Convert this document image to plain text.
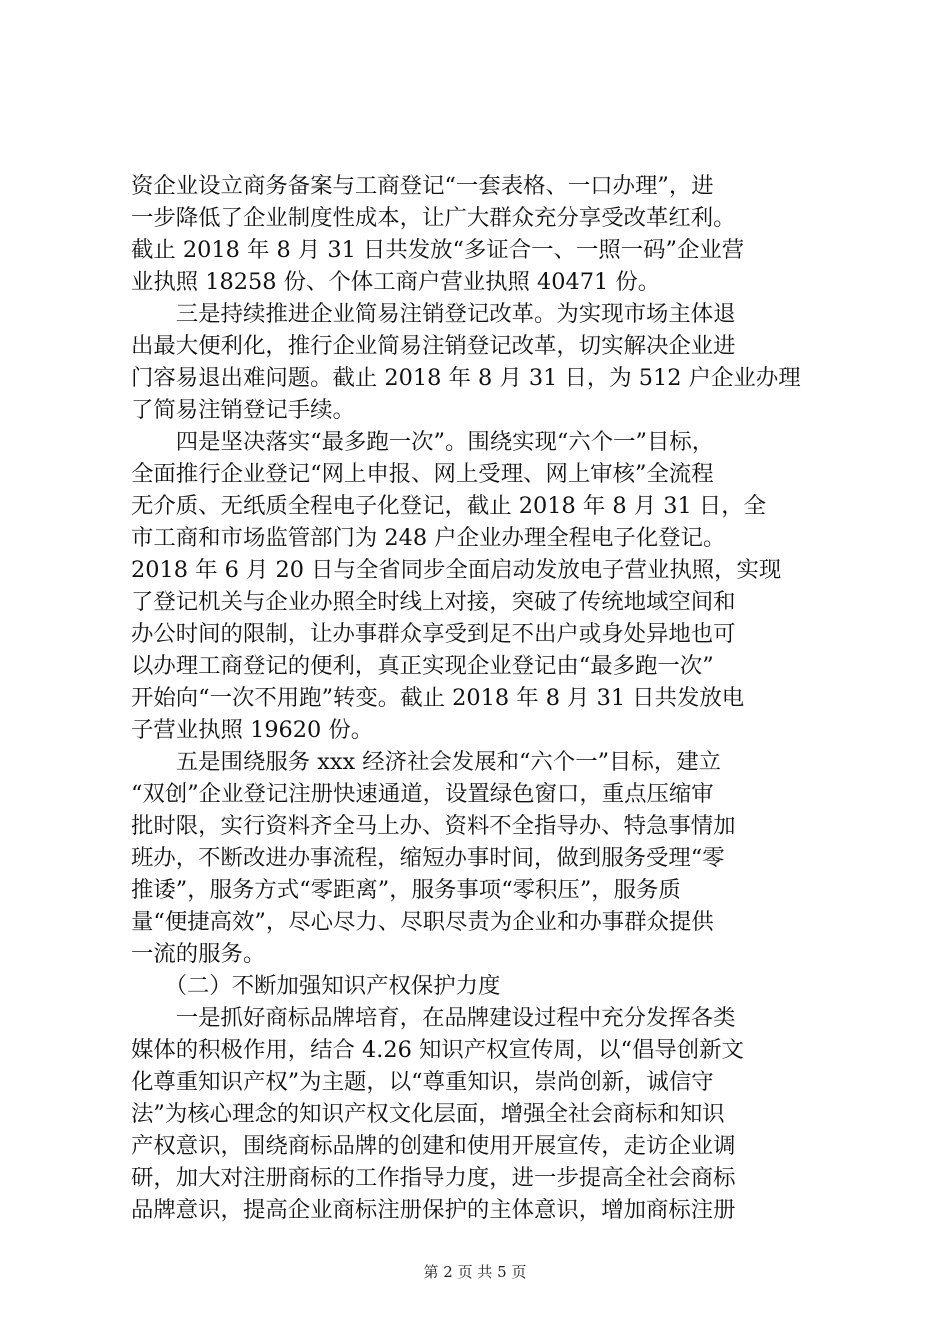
资企业设立商务备案与工商登记“一套表格、一口办理”，进
一步降低了企业制度性成本，让广大群众充分享受改革红利。
截止 2018 年 8 月 31 日共发放“多证合一、一照一码”企业营
业执照 18258 份、个体工商户营业执照 40471 份。
　　三是持续推进企业简易注销登记改革。为实现市场主体退
出最大便利化，推行企业简易注销登记改革，切实解决企业进
门容易退出难问题。截止 2018 年 8 月 31 日，为 512 户企业办理
了简易注销登记手续。
　　四是坚决落实“最多跑一次”。围绕实现“六个一”目标，
全面推行企业登记“网上申报、网上受理、网上审核”全流程
无介质、无纸质全程电子化登记，截止 2018 年 8 月 31 日，全
市工商和市场监管部门为 248 户企业办理全程电子化登记。
2018 年 6 月 20 日与全省同步全面启动发放电子营业执照，实现
了登记机关与企业办照全时线上对接，突破了传统地域空间和
办公时间的限制，让办事群众享受到足不出户或身处异地也可
以办理工商登记的便利，真正实现企业登记由“最多跑一次”
开始向“一次不用跑”转变。截止 2018 年 8 月 31 日共发放电
子营业执照 19620 份。
　　五是围绕服务 xxx 经济社会发展和“六个一”目标，建立
“双创”企业登记注册快速通道，设置绿色窗口，重点压缩审
批时限，实行资料齐全马上办、资料不全指导办、特急事情加
班办，不断改进办事流程，缩短办事时间，做到服务受理“零
推诿”，服务方式“零距离”，服务事项“零积压”，服务质
量“便捷高效”，尽心尽力、尽职尽责为企业和办事群众提供
一流的服务。
　　（二）不断加强知识产权保护力度
　　一是抓好商标品牌培育，在品牌建设过程中充分发挥各类
媒体的积极作用，结合 4.26 知识产权宣传周，以“倡导创新文
化尊重知识产权”为主题，以“尊重知识，崇尚创新，诚信守
法”为核心理念的知识产权文化层面，增强全社会商标和知识
产权意识，围绕商标品牌的创建和使用开展宣传，走访企业调
研，加大对注册商标的工作指导力度，进一步提高全社会商标
品牌意识，提高企业商标注册保护的主体意识，增加商标注册
第 2 页 共 5 页
